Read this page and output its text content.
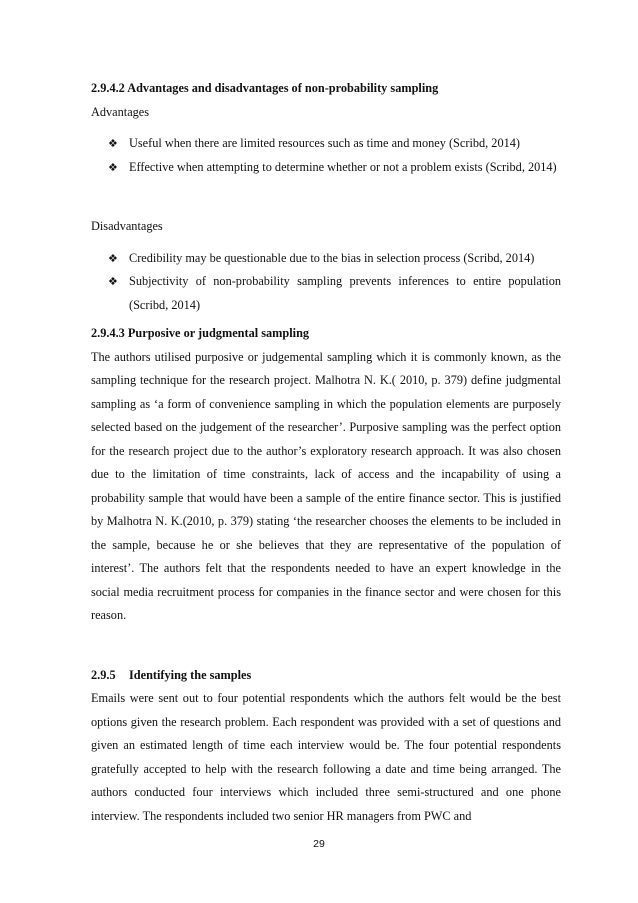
2.9.4.2 Advantages and disadvantages of non-probability sampling

Advantages

❖ Useful when there are limited resources such as time and money (Scribd, 2014)
❖ Effective when attempting to determine whether or not a problem exists (Scribd, 2014)

Disadvantages

❖ Credibility may be questionable due to the bias in selection process (Scribd, 2014)
❖ Subjectivity of non-probability sampling prevents inferences to entire population (Scribd, 2014)

2.9.4.3 Purposive or judgmental sampling

The authors utilised purposive or judgemental sampling which it is commonly known, as the sampling technique for the research project. Malhotra N. K.( 2010, p. 379) define judgmental sampling as ‘a form of convenience sampling in which the population elements are purposely selected based on the judgement of the researcher’. Purposive sampling was the perfect option for the research project due to the author’s exploratory research approach. It was also chosen due to the limitation of time constraints, lack of access and the incapability of using a probability sample that would have been a sample of the entire finance sector. This is justified by Malhotra N. K.(2010, p. 379) stating ‘the researcher chooses the elements to be included in the sample, because he or she believes that they are representative of the population of interest’. The authors felt that the respondents needed to have an expert knowledge in the social media recruitment process for companies in the finance sector and were chosen for this reason.

2.9.5 Identifying the samples

Emails were sent out to four potential respondents which the authors felt would be the best options given the research problem. Each respondent was provided with a set of questions and given an estimated length of time each interview would be. The four potential respondents gratefully accepted to help with the research following a date and time being arranged. The authors conducted four interviews which included three semi-structured and one phone interview. The respondents included two senior HR managers from PWC and

29
